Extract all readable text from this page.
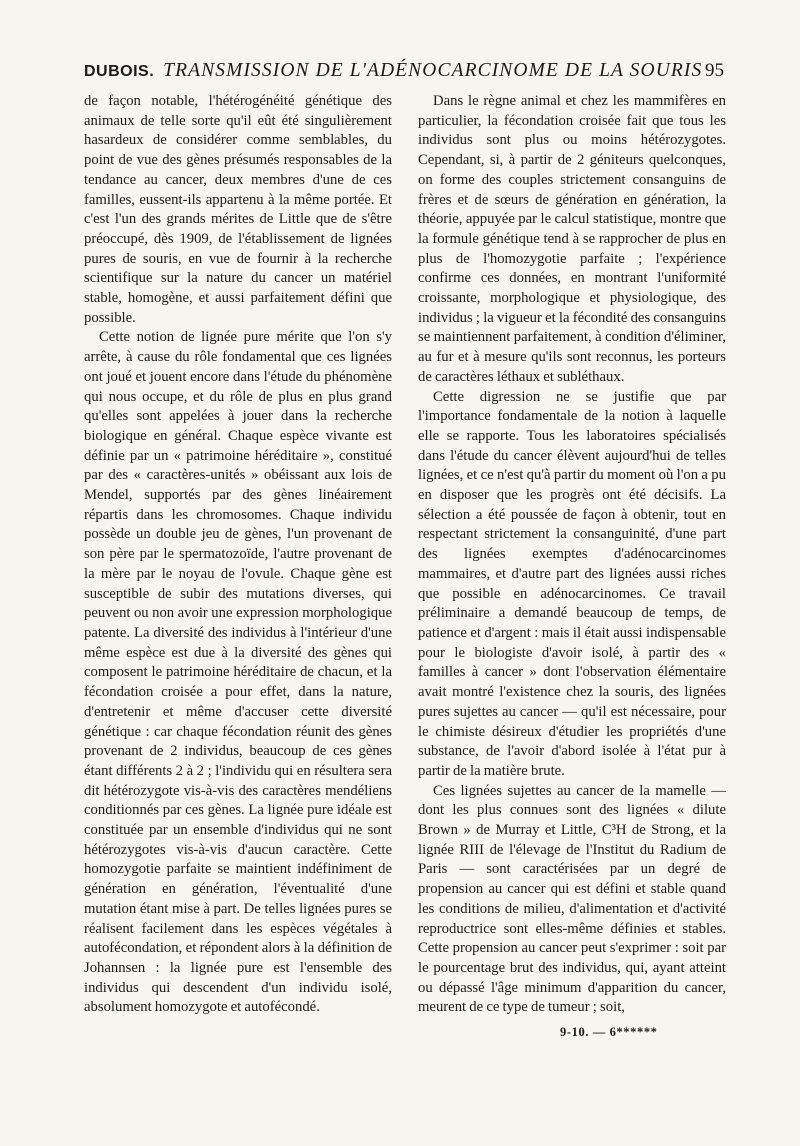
DUBOIS. TRANSMISSION DE L'ADÉNOCARCINOME DE LA SOURIS 95

de façon notable, l'hétérogénéité génétique des animaux de telle sorte qu'il eût été singulièrement hasardeux de considérer comme semblables, du point de vue des gènes présumés responsables de la tendance au cancer, deux membres d'une de ces familles, eussent-ils appartenu à la même portée. Et c'est l'un des grands mérites de Little que de s'être préoccupé, dès 1909, de l'établissement de lignées pures de souris, en vue de fournir à la recherche scientifique sur la nature du cancer un matériel stable, homogène, et aussi parfaitement défini que possible.

Cette notion de lignée pure mérite que l'on s'y arrête, à cause du rôle fondamental que ces lignées ont joué et jouent encore dans l'étude du phénomène qui nous occupe, et du rôle de plus en plus grand qu'elles sont appelées à jouer dans la recherche biologique en général. Chaque espèce vivante est définie par un « patrimoine héréditaire », constitué par des « caractères-unités » obéissant aux lois de Mendel, supportés par des gènes linéairement répartis dans les chromosomes. Chaque individu possède un double jeu de gènes, l'un provenant de son père par le spermatozoïde, l'autre provenant de la mère par le noyau de l'ovule. Chaque gène est susceptible de subir des mutations diverses, qui peuvent ou non avoir une expression morphologique patente. La diversité des individus à l'intérieur d'une même espèce est due à la diversité des gènes qui composent le patrimoine héréditaire de chacun, et la fécondation croisée a pour effet, dans la nature, d'entretenir et même d'accuser cette diversité génétique : car chaque fécondation réunit des gènes provenant de 2 individus, beaucoup de ces gènes étant différents 2 à 2 ; l'individu qui en résultera sera dit hétérozygote vis-à-vis des caractères mendéliens conditionnés par ces gènes. La lignée pure idéale est constituée par un ensemble d'individus qui ne sont hétérozygotes vis-à-vis d'aucun caractère. Cette homozygotie parfaite se maintient indéfiniment de génération en génération, l'éventualité d'une mutation étant mise à part. De telles lignées pures se réalisent facilement dans les espèces végétales à autofécondation, et répondent alors à la définition de Johannsen : la lignée pure est l'ensemble des individus qui descendent d'un individu isolé, absolument homozygote et autofécondé.

Dans le règne animal et chez les mammifères en particulier, la fécondation croisée fait que tous les individus sont plus ou moins hétérozygotes. Cependant, si, à partir de 2 géniteurs quelconques, on forme des couples strictement consanguins de frères et de sœurs de génération en génération, la théorie, appuyée par le calcul statistique, montre que la formule génétique tend à se rapprocher de plus en plus de l'homozygotie parfaite ; l'expérience confirme ces données, en montrant l'uniformité croissante, morphologique et physiologique, des individus ; la vigueur et la fécondité des consanguins se maintiennent parfaitement, à condition d'éliminer, au fur et à mesure qu'ils sont reconnus, les porteurs de caractères léthaux et subléthaux.

Cette digression ne se justifie que par l'importance fondamentale de la notion à laquelle elle se rapporte. Tous les laboratoires spécialisés dans l'étude du cancer élèvent aujourd'hui de telles lignées, et ce n'est qu'à partir du moment où l'on a pu en disposer que les progrès ont été décisifs. La sélection a été poussée de façon à obtenir, tout en respectant strictement la consanguinité, d'une part des lignées exemptes d'adénocarcinomes mammaires, et d'autre part des lignées aussi riches que possible en adénocarcinomes. Ce travail préliminaire a demandé beaucoup de temps, de patience et d'argent : mais il était aussi indispensable pour le biologiste d'avoir isolé, à partir des « familles à cancer » dont l'observation élémentaire avait montré l'existence chez la souris, des lignées pures sujettes au cancer — qu'il est nécessaire, pour le chimiste désireux d'étudier les propriétés d'une substance, de l'avoir d'abord isolée à l'état pur à partir de la matière brute.

Ces lignées sujettes au cancer de la mamelle — dont les plus connues sont des lignées « dilute Brown » de Murray et Little, C³H de Strong, et la lignée RIII de l'élevage de l'Institut du Radium de Paris — sont caractérisées par un degré de propension au cancer qui est défini et stable quand les conditions de milieu, d'alimentation et d'activité reproductrice sont elles-même définies et stables. Cette propension au cancer peut s'exprimer : soit par le pourcentage brut des individus, qui, ayant atteint ou dépassé l'âge minimum d'apparition du cancer, meurent de ce type de tumeur ; soit,

9-10. — 6******
